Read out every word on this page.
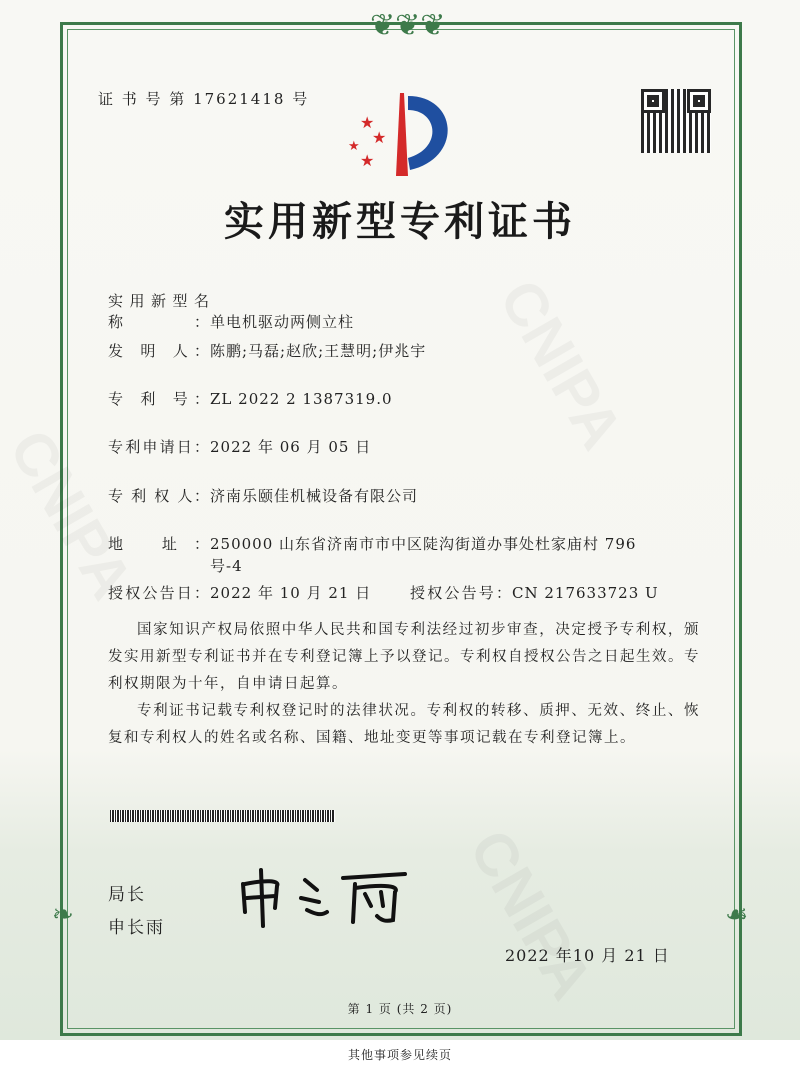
❦❦❦
❧	☙
证 书 号 第 17621418 号
★
★
★
★
实用新型专利证书
实用新型名称：单电机驱动两侧立柱
发 明 人：陈鹏;马磊;赵欣;王慧明;伊兆宇
专 利 号：ZL 2022 2 1387319.0
专利申请日：2022 年 06 月 05 日
专 利 权 人：济南乐颐佳机械设备有限公司
地 址：250000 山东省济南市市中区陡沟街道办事处杜家庙村 796
号-4
授权公告日：2022 年 10 月 21 日	授权公告号：CN 217633723 U
国家知识产权局依照中华人民共和国专利法经过初步审查，决定授予专利权，颁发实用新型专利证书并在专利登记簿上予以登记。专利权自授权公告之日起生效。专利权期限为十年，自申请日起算。
专利证书记载专利权登记时的法律状况。专利权的转移、质押、无效、终止、恢复和专利权人的姓名或名称、国籍、地址变更等事项记载在专利登记簿上。
局长
申长雨
2022 年10 月 21 日
第 1 页 (共 2 页)
其他事项参见续页
